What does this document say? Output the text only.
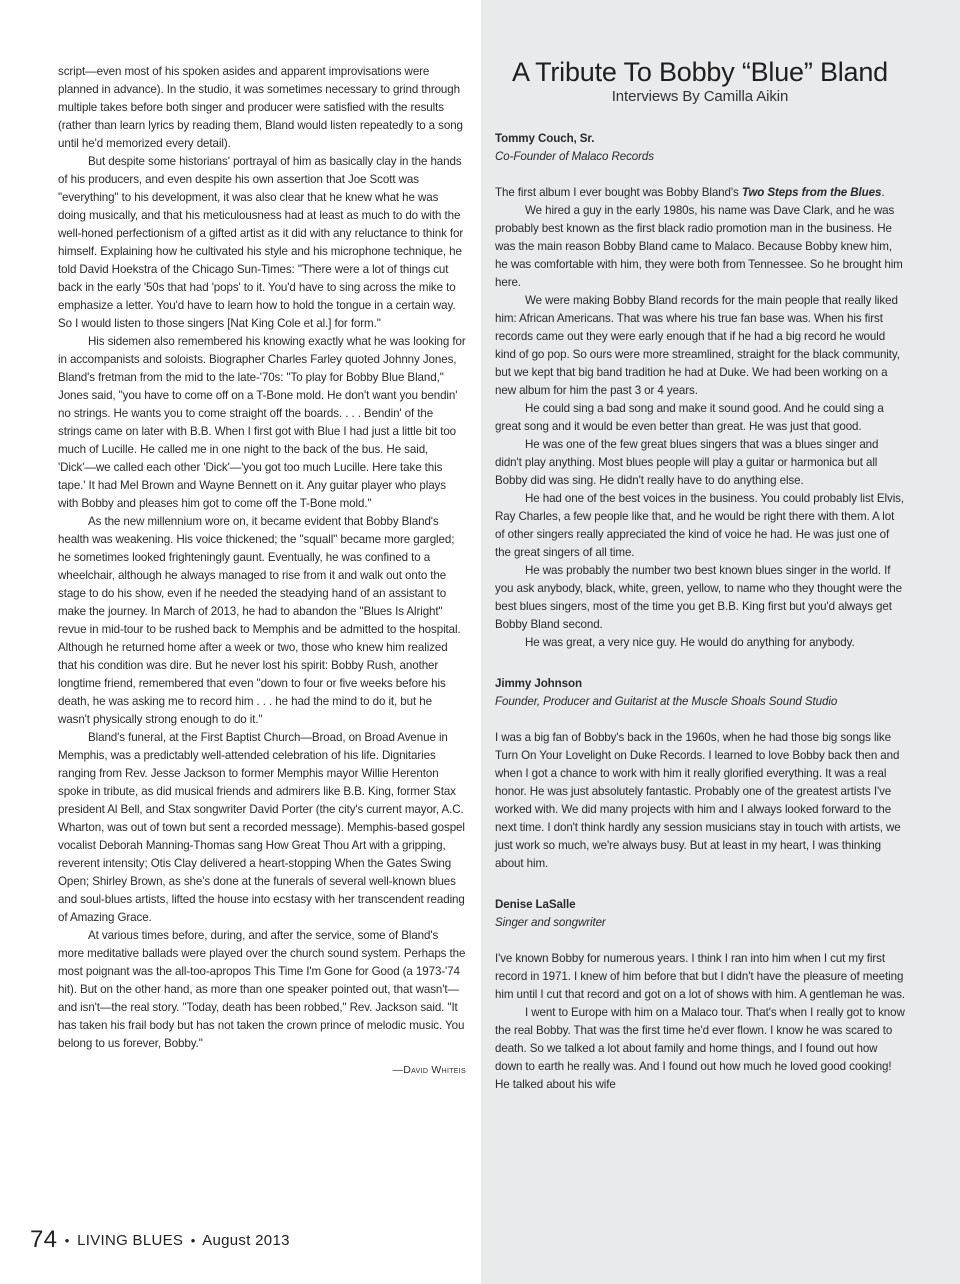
script—even most of his spoken asides and apparent improvisations were planned in advance). In the studio, it was sometimes necessary to grind through multiple takes before both singer and producer were satisfied with the results (rather than learn lyrics by reading them, Bland would listen repeatedly to a song until he'd memorized every detail).

But despite some historians' portrayal of him as basically clay in the hands of his producers, and even despite his own assertion that Joe Scott was "everything" to his development, it was also clear that he knew what he was doing musically, and that his meticulousness had at least as much to do with the well-honed perfectionism of a gifted artist as it did with any reluctance to think for himself. Explaining how he cultivated his style and his microphone technique, he told David Hoekstra of the Chicago Sun-Times: "There were a lot of things cut back in the early '50s that had 'pops' to it. You'd have to sing across the mike to emphasize a letter. You'd have to learn how to hold the tongue in a certain way. So I would listen to those singers [Nat King Cole et al.] for form."

His sidemen also remembered his knowing exactly what he was looking for in accompanists and soloists. Biographer Charles Farley quoted Johnny Jones, Bland's fretman from the mid to the late-'70s: "To play for Bobby Blue Bland," Jones said, "you have to come off on a T-Bone mold. He don't want you bendin' no strings. He wants you to come straight off the boards. . . . Bendin' of the strings came on later with B.B. When I first got with Blue I had just a little bit too much of Lucille. He called me in one night to the back of the bus. He said, 'Dick'—we called each other 'Dick'—'you got too much Lucille. Here take this tape.' It had Mel Brown and Wayne Bennett on it. Any guitar player who plays with Bobby and pleases him got to come off the T-Bone mold."

As the new millennium wore on, it became evident that Bobby Bland's health was weakening. His voice thickened; the "squall" became more gargled; he sometimes looked frighteningly gaunt. Eventually, he was confined to a wheelchair, although he always managed to rise from it and walk out onto the stage to do his show, even if he needed the steadying hand of an assistant to make the journey. In March of 2013, he had to abandon the "Blues Is Alright" revue in mid-tour to be rushed back to Memphis and be admitted to the hospital. Although he returned home after a week or two, those who knew him realized that his condition was dire. But he never lost his spirit: Bobby Rush, another longtime friend, remembered that even "down to four or five weeks before his death, he was asking me to record him . . . he had the mind to do it, but he wasn't physically strong enough to do it."

Bland's funeral, at the First Baptist Church—Broad, on Broad Avenue in Memphis, was a predictably well-attended celebration of his life. Dignitaries ranging from Rev. Jesse Jackson to former Memphis mayor Willie Herenton spoke in tribute, as did musical friends and admirers like B.B. King, former Stax president Al Bell, and Stax songwriter David Porter (the city's current mayor, A.C. Wharton, was out of town but sent a recorded message). Memphis-based gospel vocalist Deborah Manning-Thomas sang How Great Thou Art with a gripping, reverent intensity; Otis Clay delivered a heart-stopping When the Gates Swing Open; Shirley Brown, as she's done at the funerals of several well-known blues and soul-blues artists, lifted the house into ecstasy with her transcendent reading of Amazing Grace.

At various times before, during, and after the service, some of Bland's more meditative ballads were played over the church sound system. Perhaps the most poignant was the all-too-apropos This Time I'm Gone for Good (a 1973-'74 hit). But on the other hand, as more than one speaker pointed out, that wasn't—and isn't—the real story. "Today, death has been robbed," Rev. Jackson said. "It has taken his frail body but has not taken the crown prince of melodic music. You belong to us forever, Bobby."

—David Whiteis

A Tribute To Bobby “Blue” Bland

Interviews By Camilla Aikin

Tommy Couch, Sr.

Co-Founder of Malaco Records

The first album I ever bought was Bobby Bland's Two Steps from the Blues.

We hired a guy in the early 1980s, his name was Dave Clark, and he was probably best known as the first black radio promotion man in the business. He was the main reason Bobby Bland came to Malaco. Because Bobby knew him, he was comfortable with him, they were both from Tennessee. So he brought him here.

We were making Bobby Bland records for the main people that really liked him: African Americans. That was where his true fan base was. When his first records came out they were early enough that if he had a big record he would kind of go pop. So ours were more streamlined, straight for the black community, but we kept that big band tradition he had at Duke. We had been working on a new album for him the past 3 or 4 years.

He could sing a bad song and make it sound good. And he could sing a great song and it would be even better than great. He was just that good.

He was one of the few great blues singers that was a blues singer and didn't play anything. Most blues people will play a guitar or harmonica but all Bobby did was sing. He didn't really have to do anything else.

He had one of the best voices in the business. You could probably list Elvis, Ray Charles, a few people like that, and he would be right there with them. A lot of other singers really appreciated the kind of voice he had. He was just one of the great singers of all time.

He was probably the number two best known blues singer in the world. If you ask anybody, black, white, green, yellow, to name who they thought were the best blues singers, most of the time you get B.B. King first but you'd always get Bobby Bland second.

He was great, a very nice guy. He would do anything for anybody.

Jimmy Johnson

Founder, Producer and Guitarist at the Muscle Shoals Sound Studio

I was a big fan of Bobby's back in the 1960s, when he had those big songs like Turn On Your Lovelight on Duke Records. I learned to love Bobby back then and when I got a chance to work with him it really glorified everything. It was a real honor. He was just absolutely fantastic. Probably one of the greatest artists I've worked with. We did many projects with him and I always looked forward to the next time. I don't think hardly any session musicians stay in touch with artists, we just work so much, we're always busy. But at least in my heart, I was thinking about him.

Denise LaSalle

Singer and songwriter

I've known Bobby for numerous years. I think I ran into him when I cut my first record in 1971. I knew of him before that but I didn't have the pleasure of meeting him until I cut that record and got on a lot of shows with him. A gentleman he was.

I went to Europe with him on a Malaco tour. That's when I really got to know the real Bobby. That was the first time he'd ever flown. I know he was scared to death. So we talked a lot about family and home things, and I found out how down to earth he really was. And I found out how much he loved good cooking! He talked about his wife

74 • LIVING BLUES • August 2013
